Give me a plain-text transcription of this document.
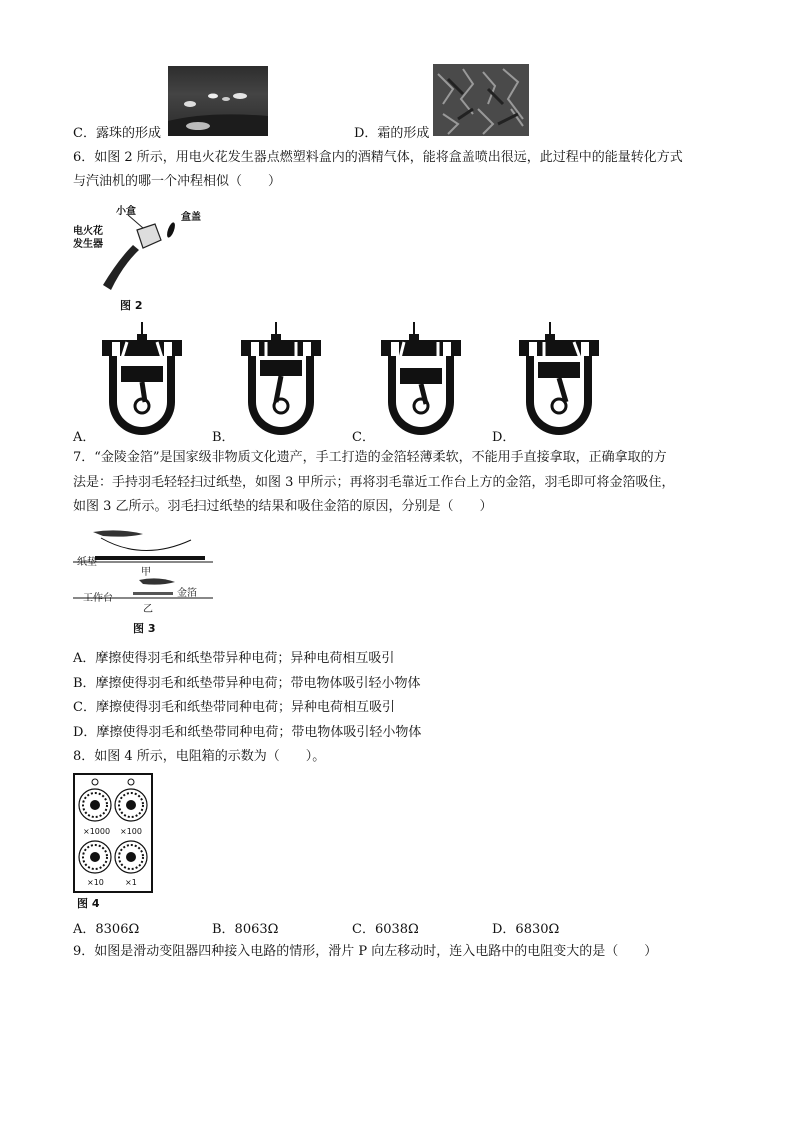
C．露珠的形成	D．霜的形成
6．如图 2 所示，用电火花发生器点燃塑料盒内的酒精气体，能将盒盖喷出很远，此过程中的能量转化方式
与汽油机的哪一个冲程相似（　　）
小盒
盒盖
电火花
发生器
图 2
A．	B．	C．	D．
7．“金陵金箔”是国家级非物质文化遗产，手工打造的金箔轻薄柔软，不能用手直接拿取，正确拿取的方
法是：手持羽毛轻轻扫过纸垫，如图 3 甲所示；再将羽毛靠近工作台上方的金箔，羽毛即可将金箔吸住，
如图 3 乙所示。羽毛扫过纸垫的结果和吸住金箔的原因，分别是（　　）
纸垫
甲
工作台	金箔
乙
图 3
A．摩擦使得羽毛和纸垫带异种电荷；异种电荷相互吸引
B．摩擦使得羽毛和纸垫带异种电荷；带电物体吸引轻小物体
C．摩擦使得羽毛和纸垫带同种电荷；异种电荷相互吸引
D．摩擦使得羽毛和纸垫带同种电荷；带电物体吸引轻小物体
8．如图 4 所示，电阻箱的示数为（　　）。
×1000 ×100
×10	×1
图 4
A．8306Ω	B．8063Ω	C．6038Ω	D．6830Ω
9．如图是滑动变阻器四种接入电路的情形，滑片 P 向左移动时，连入电路中的电阻变大的是（　　）
